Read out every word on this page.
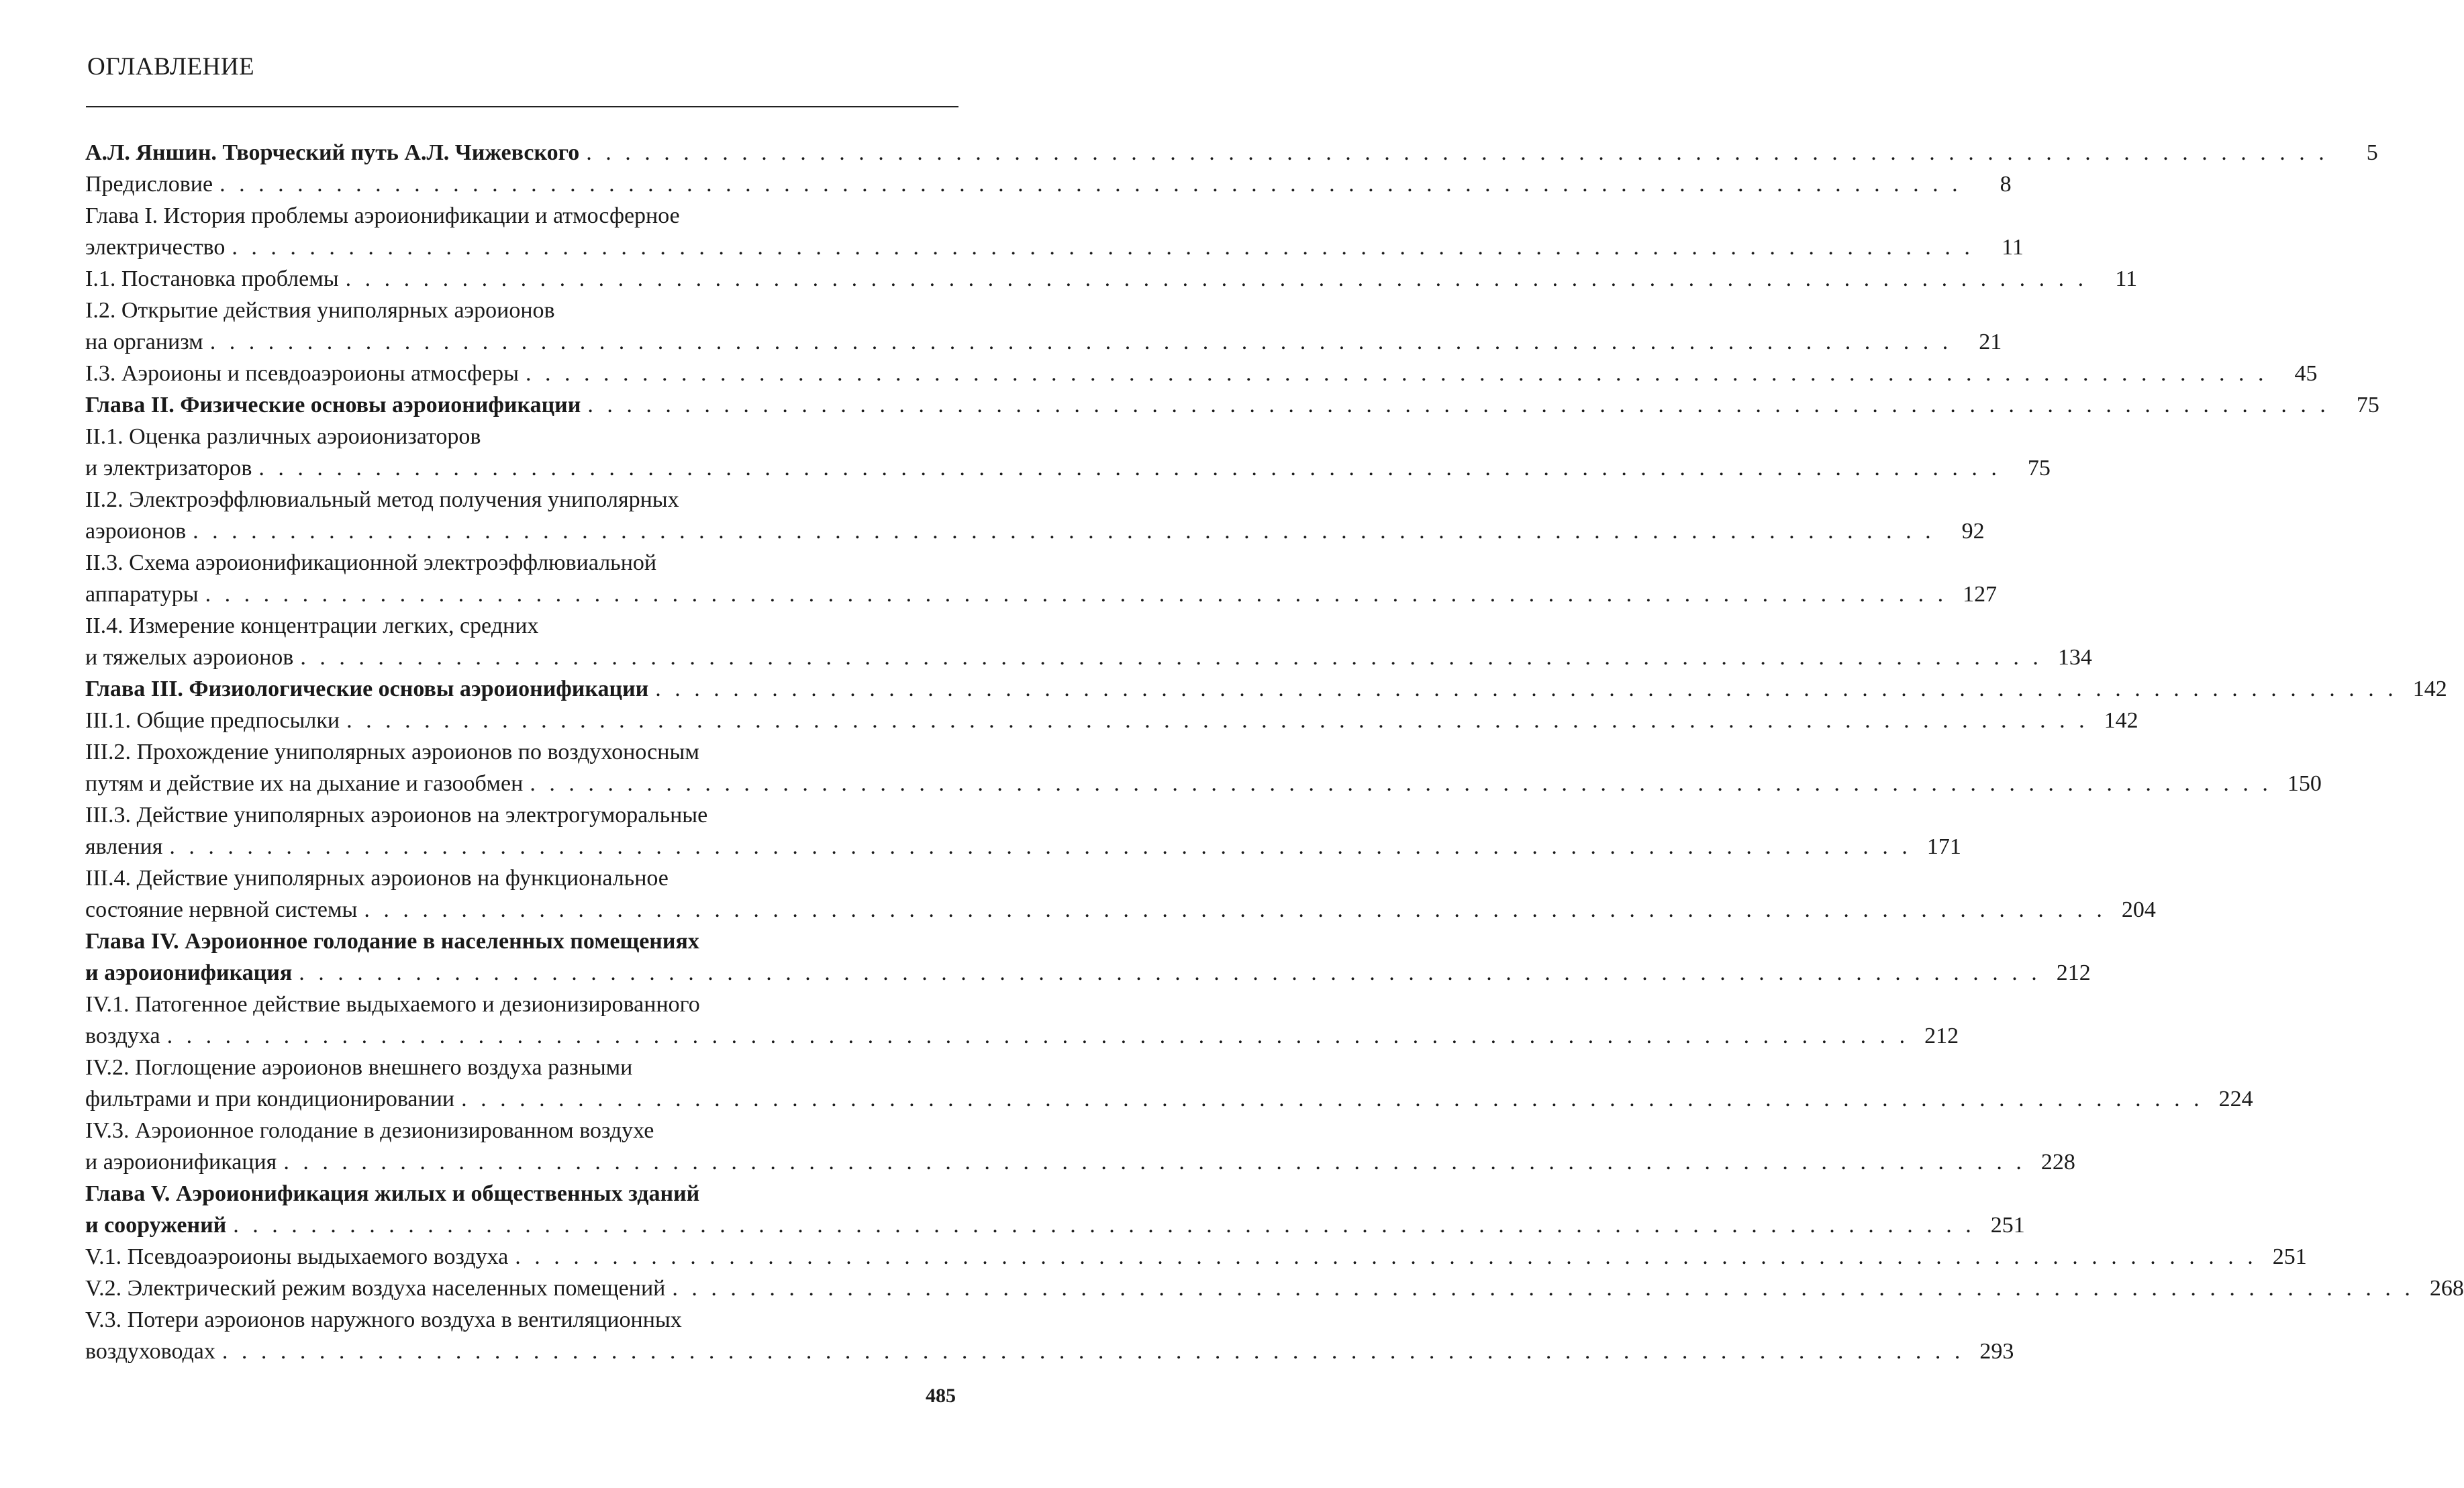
ОГЛАВЛЕНИЕ
А.Л. Яншин. Творческий путь А.Л. Чижевского . . .	5
Предисловие . . .	8
Глава I. История проблемы аэроионификации и атмосферное
электричество . . .	11
I.1. Постановка проблемы . . .	11
I.2. Открытие действия униполярных аэроионов
на организм . . .	21
I.3. Аэроионы и псевдоаэроионы атмосферы . . .	45
Глава II. Физические основы аэроионификации . . .	75
II.1. Оценка различных аэроионизаторов
и электризаторов . . .	75
II.2. Электроэффлювиальный метод получения униполярных
аэроионов . . .	92
II.3. Схема аэроионификационной электроэффлювиальной
аппаратуры . . .	127
II.4. Измерение концентрации легких, средних
и тяжелых аэроионов . . .	134
Глава III. Физиологические основы аэроионификации . . .	142
III.1. Общие предпосылки . . .	142
III.2. Прохождение униполярных аэроионов по воздухоносным
путям и действие их на дыхание и газообмен . . .	150
III.3. Действие униполярных аэроионов на электрогуморальные
явления . . .	171
III.4. Действие униполярных аэроионов на функциональное
состояние нервной системы . . .	204
Глава IV. Аэроионное голодание в населенных помещениях
и аэроионификация . . .	212
IV.1. Патогенное действие выдыхаемого и дезионизированного
воздуха . . .	212
IV.2. Поглощение аэроионов внешнего воздуха разными
фильтрами и при кондиционировании . . .	224
IV.3. Аэроионное голодание в дезионизированном воздухе
и аэроионификация . . .	228
Глава V. Аэроионификация жилых и общественных зданий
и сооружений . . .	251
V.1. Псевдоаэроионы выдыхаемого воздуха . . .	251
V.2. Электрический режим воздуха населенных помещений . . .	268
V.3. Потери аэроионов наружного воздуха в вентиляционных
воздуховодах . . .	293
485
